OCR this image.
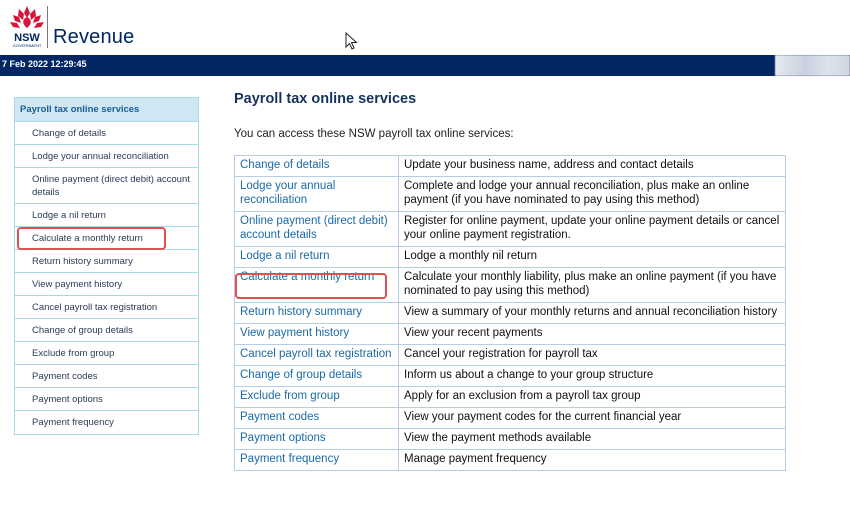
NSW
GOVERNMENT Revenue
7 Feb 2022 12:29:45
Payroll tax online services
Change of details
Lodge your annual reconciliation
Online payment (direct debit) account details
Lodge a nil return
Calculate a monthly return
Return history summary
View payment history
Cancel payroll tax registration
Change of group details
Exclude from group
Payment codes
Payment options
Payment frequency
Payroll tax online services
You can access these NSW payroll tax online services:
Change of details	Update your business name, address and contact details
Lodge your annual reconciliation	Complete and lodge your annual reconciliation, plus make an online payment (if you have nominated to pay using this method)
Online payment (direct debit) account details	Register for online payment, update your online payment details or cancel your online payment registration.
Lodge a nil return	Lodge a monthly nil return
Calculate a monthly return	Calculate your monthly liability, plus make an online payment (if you have nominated to pay using this method)
Return history summary	View a summary of your monthly returns and annual reconciliation history
View payment history	View your recent payments
Cancel payroll tax registration	Cancel your registration for payroll tax
Change of group details	Inform us about a change to your group structure
Exclude from group	Apply for an exclusion from a payroll tax group
Payment codes	View your payment codes for the current financial year
Payment options	View the payment methods available
Payment frequency	Manage payment frequency
